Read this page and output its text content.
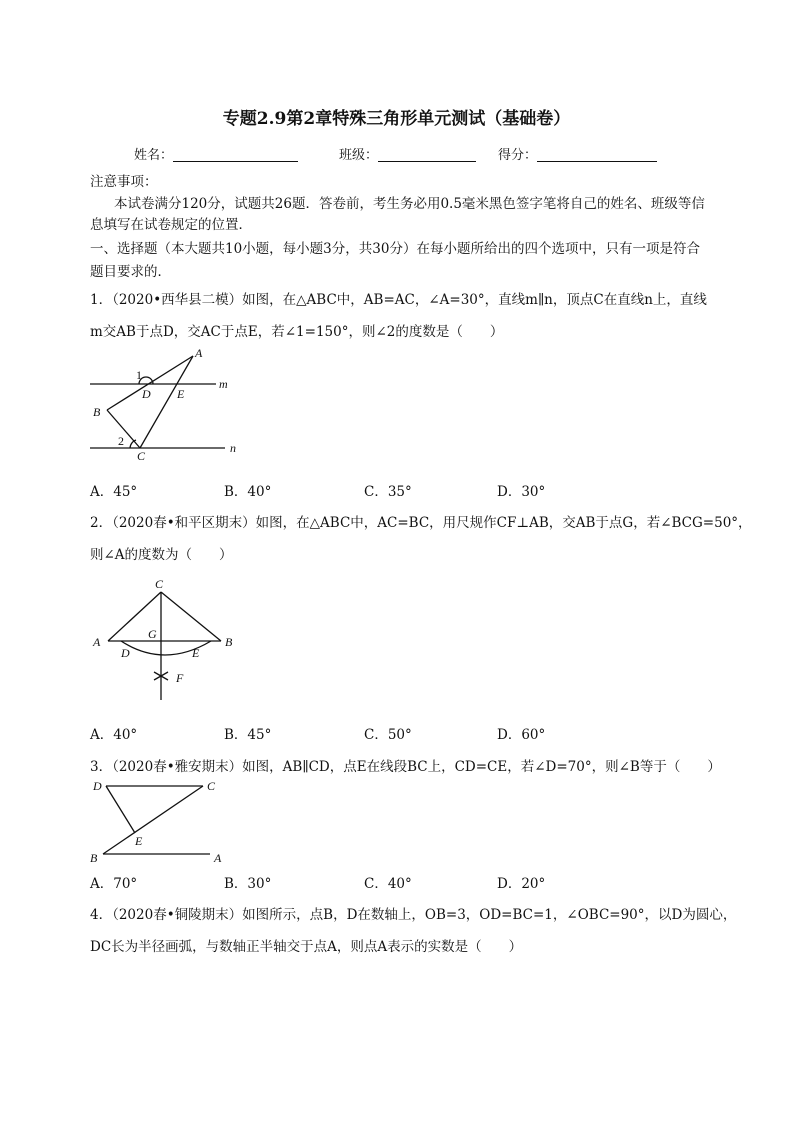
专题2.9第2章特殊三角形单元测试（基础卷）
姓名：	班级：	得分：
注意事项：
本试卷满分120分，试题共26题．答卷前，考生务必用0.5毫米黑色签字笔将自己的姓名、班级等信
息填写在试卷规定的位置．
一、选择题（本大题共10小题，每小题3分，共30分）在每小题所给出的四个选项中，只有一项是符合
题目要求的．
1．（2020•西华县二模）如图，在△ABC中，AB=AC，∠A=30°，直线m∥n，顶点C在直线n上，直线
m交AB于点D，交AC于点E，若∠1=150°，则∠2的度数是（　　）
A
1
D E
m
B
2
C
n
A．45°	B．40°	C．35°	D．30°
2．（2020春•和平区期末）如图，在△ABC中，AC=BC，用尺规作CF⊥AB，交AB于点G，若∠BCG=50°，
则∠A的度数为（　　）
C
G
A	B
D	E
F
A．40°	B．45°	C．50°	D．60°
3．（2020春•雅安期末）如图，AB∥CD，点E在线段BC上，CD=CE，若∠D=70°，则∠B等于（　　）
D	C
E
B	A
A．70°	B．30°	C．40°	D．20°
4．（2020春•铜陵期末）如图所示，点B，D在数轴上，OB=3，OD=BC=1，∠OBC=90°，以D为圆心，
DC长为半径画弧，与数轴正半轴交于点A，则点A表示的实数是（　　）
